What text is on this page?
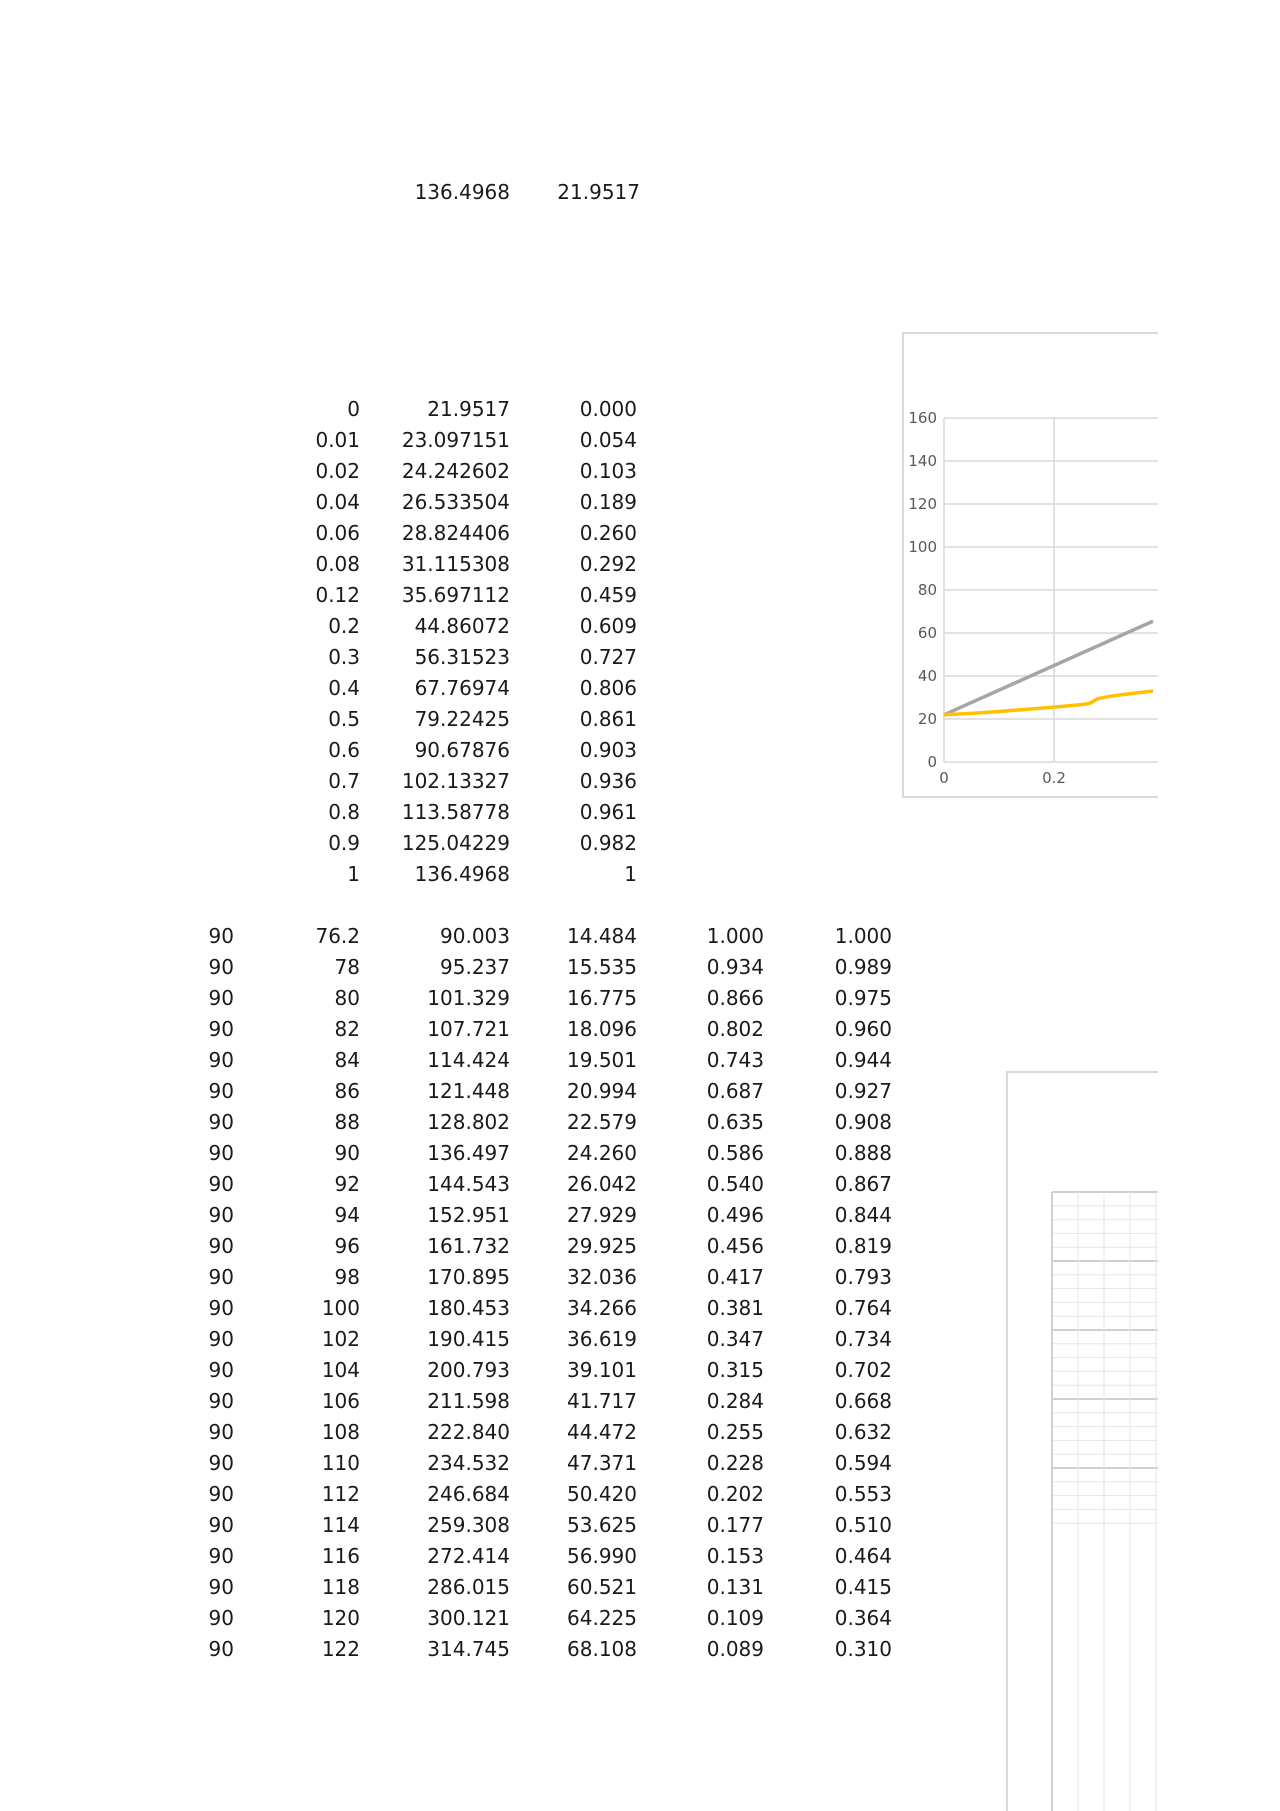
136.4968	21.9517
0	21.9517	0.000
0.01	23.097151	0.054
0.02	24.242602	0.103
0.04	26.533504	0.189
0.06	28.824406	0.260
0.08	31.115308	0.292
0.12	35.697112	0.459
0.2	44.86072	0.609
0.3	56.31523	0.727
0.4	67.76974	0.806
0.5	79.22425	0.861
0.6	90.67876	0.903
0.7	102.13327	0.936
0.8	113.58778	0.961
0.9	125.04229	0.982
1	136.4968	1
90	76.2	90.003	14.484	1.000	1.000
90	78	95.237	15.535	0.934	0.989
90	80	101.329	16.775	0.866	0.975
90	82	107.721	18.096	0.802	0.960
90	84	114.424	19.501	0.743	0.944
90	86	121.448	20.994	0.687	0.927
90	88	128.802	22.579	0.635	0.908
90	90	136.497	24.260	0.586	0.888
90	92	144.543	26.042	0.540	0.867
90	94	152.951	27.929	0.496	0.844
90	96	161.732	29.925	0.456	0.819
90	98	170.895	32.036	0.417	0.793
90	100	180.453	34.266	0.381	0.764
90	102	190.415	36.619	0.347	0.734
90	104	200.793	39.101	0.315	0.702
90	106	211.598	41.717	0.284	0.668
90	108	222.840	44.472	0.255	0.632
90	110	234.532	47.371	0.228	0.594
90	112	246.684	50.420	0.202	0.553
90	114	259.308	53.625	0.177	0.510
90	116	272.414	56.990	0.153	0.464
90	118	286.015	60.521	0.131	0.415
90	120	300.121	64.225	0.109	0.364
90	122	314.745	68.108	0.089	0.310
0
20
40
60
80
100
120
140
160
0	0.2
